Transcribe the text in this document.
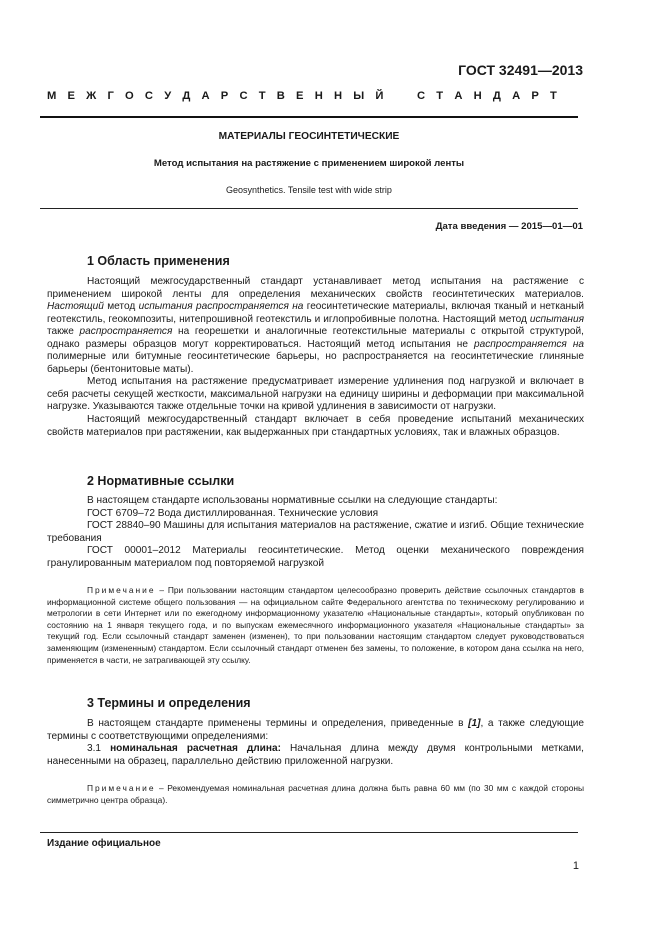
ГОСТ 32491—2013
М Е Ж Г О С У Д А Р С Т В Е Н Н Ы Й	С Т А Н Д А Р Т
МАТЕРИАЛЫ ГЕОСИНТЕТИЧЕСКИЕ
Метод испытания на растяжение с применением широкой ленты
Geosynthetics. Tensile test with wide strip
Дата введения — 2015—01—01
1 Область применения

Настоящий межгосударственный стандарт устанавливает метод испытания на растяжение с применением широкой ленты для определения механических свойств геосинтетических материалов. Настоящий метод испытания распространяется на геосинтетические материалы, включая тканый и нетканый геотекстиль, геокомпозиты, нитепрошивной геотекстиль и иглопробивные полотна. Настоящий метод испытания также распространяется на георешетки и аналогичные геотекстильные материалы с открытой структурой, однако размеры образцов могут корректироваться. Настоящий метод испытания не распространяется на полимерные или битумные геосинтетические барьеры, но распространяется на геосинтетические глиняные барьеры (бентонитовые маты).

Метод испытания на растяжение предусматривает измерение удлинения под нагрузкой и включает в себя расчеты секущей жесткости, максимальной нагрузки на единицу ширины и деформации при максимальной нагрузке. Указываются также отдельные точки на кривой удлинения в зависимости от нагрузки.

Настоящий межгосударственный стандарт включает в себя проведение испытаний механических свойств материалов при растяжении, как выдержанных при стандартных условиях, так и влажных образцов.

2 Нормативные ссылки

В настоящем стандарте использованы нормативные ссылки на следующие стандарты:

ГОСТ 6709–72 Вода дистиллированная. Технические условия

ГОСТ 28840–90 Машины для испытания материалов на растяжение, сжатие и изгиб. Общие технические требования

ГОСТ 00001–2012 Материалы геосинтетические. Метод оценки механического повреждения гранулированным материалом под повторяемой нагрузкой

Примечание – При пользовании настоящим стандартом целесообразно проверить действие ссылочных стандартов в информационной системе общего пользования — на официальном сайте Федерального агентства по техническому регулированию и метрологии в сети Интернет или по ежегодному информационному указателю «Национальные стандарты», который опубликован по состоянию на 1 января текущего года, и по выпускам ежемесячного информационного указателя «Национальные стандарты» за текущий год. Если ссылочный стандарт заменен (изменен), то при пользовании настоящим стандартом следует руководствоваться заменяющим (измененным) стандартом. Если ссылочный стандарт отменен без замены, то положение, в котором дана ссылка на него, применяется в части, не затрагивающей эту ссылку.

3 Термины и определения

В настоящем стандарте применены термины и определения, приведенные в [1], а также следующие термины с соответствующими определениями:

3.1 номинальная расчетная длина: Начальная длина между двумя контрольными метками, нанесенными на образец, параллельно действию приложенной нагрузки.

Примечание – Рекомендуемая номинальная расчетная длина должна быть равна 60 мм (по 30 мм с каждой стороны симметрично центра образца).

Издание официальное
1
